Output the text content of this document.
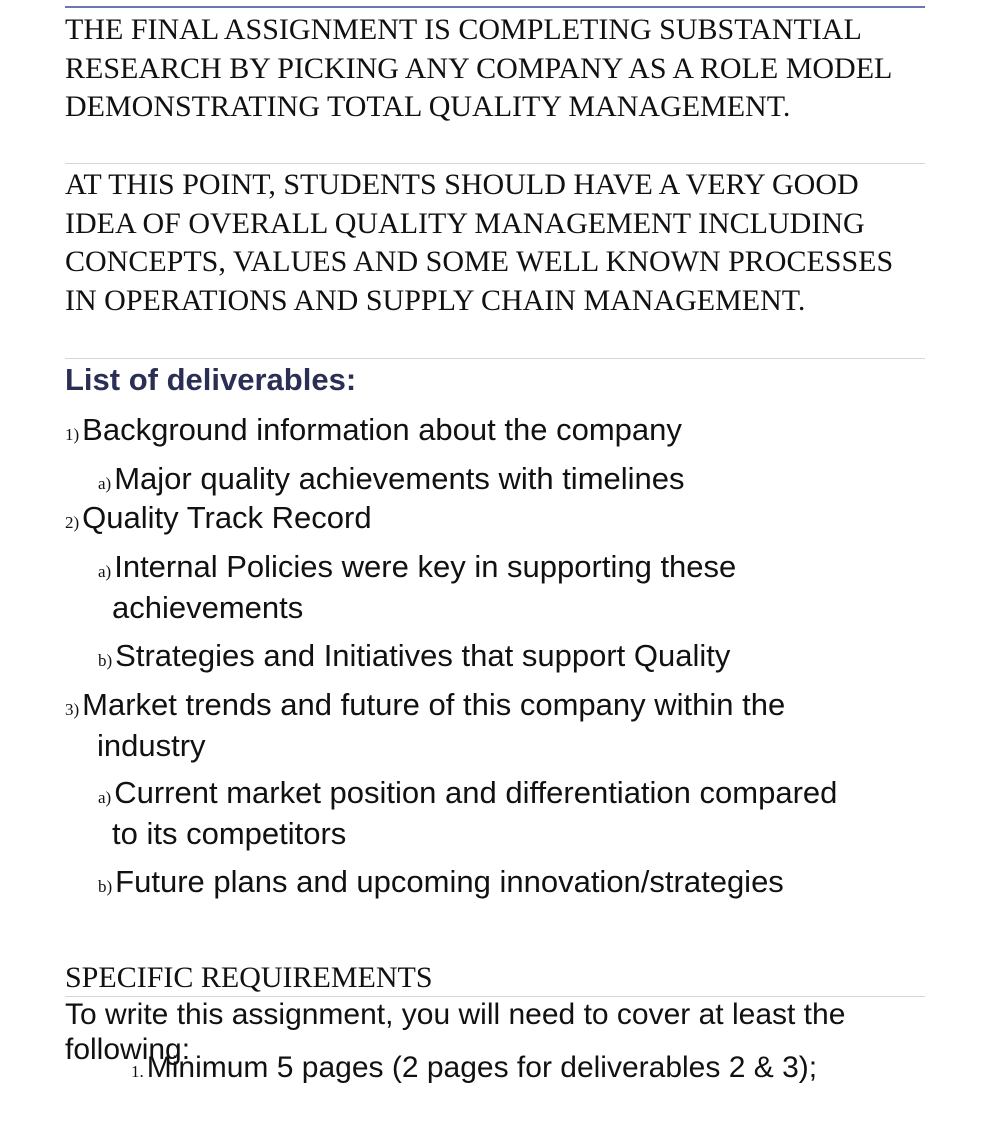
THE FINAL ASSIGNMENT IS COMPLETING SUBSTANTIAL RESEARCH BY PICKING ANY COMPANY AS A ROLE MODEL DEMONSTRATING TOTAL QUALITY MANAGEMENT.

AT THIS POINT, STUDENTS SHOULD HAVE A VERY GOOD IDEA OF OVERALL QUALITY MANAGEMENT INCLUDING CONCEPTS, VALUES AND SOME WELL KNOWN PROCESSES IN OPERATIONS AND SUPPLY CHAIN MANAGEMENT.

List of deliverables:
1)Background information about the company
a)Major quality achievements with timelines
2)Quality Track Record
a)Internal Policies were key in supporting these
achievements
b)Strategies and Initiatives that support Quality
3)Market trends and future of this company within the
industry
a)Current market position and differentiation compared
to its competitors
b)Future plans and upcoming innovation/strategies
SPECIFIC REQUIREMENTS
To write this assignment, you will need to cover at least the following:
1. Minimum 5 pages (2 pages for deliverables 2 & 3);
